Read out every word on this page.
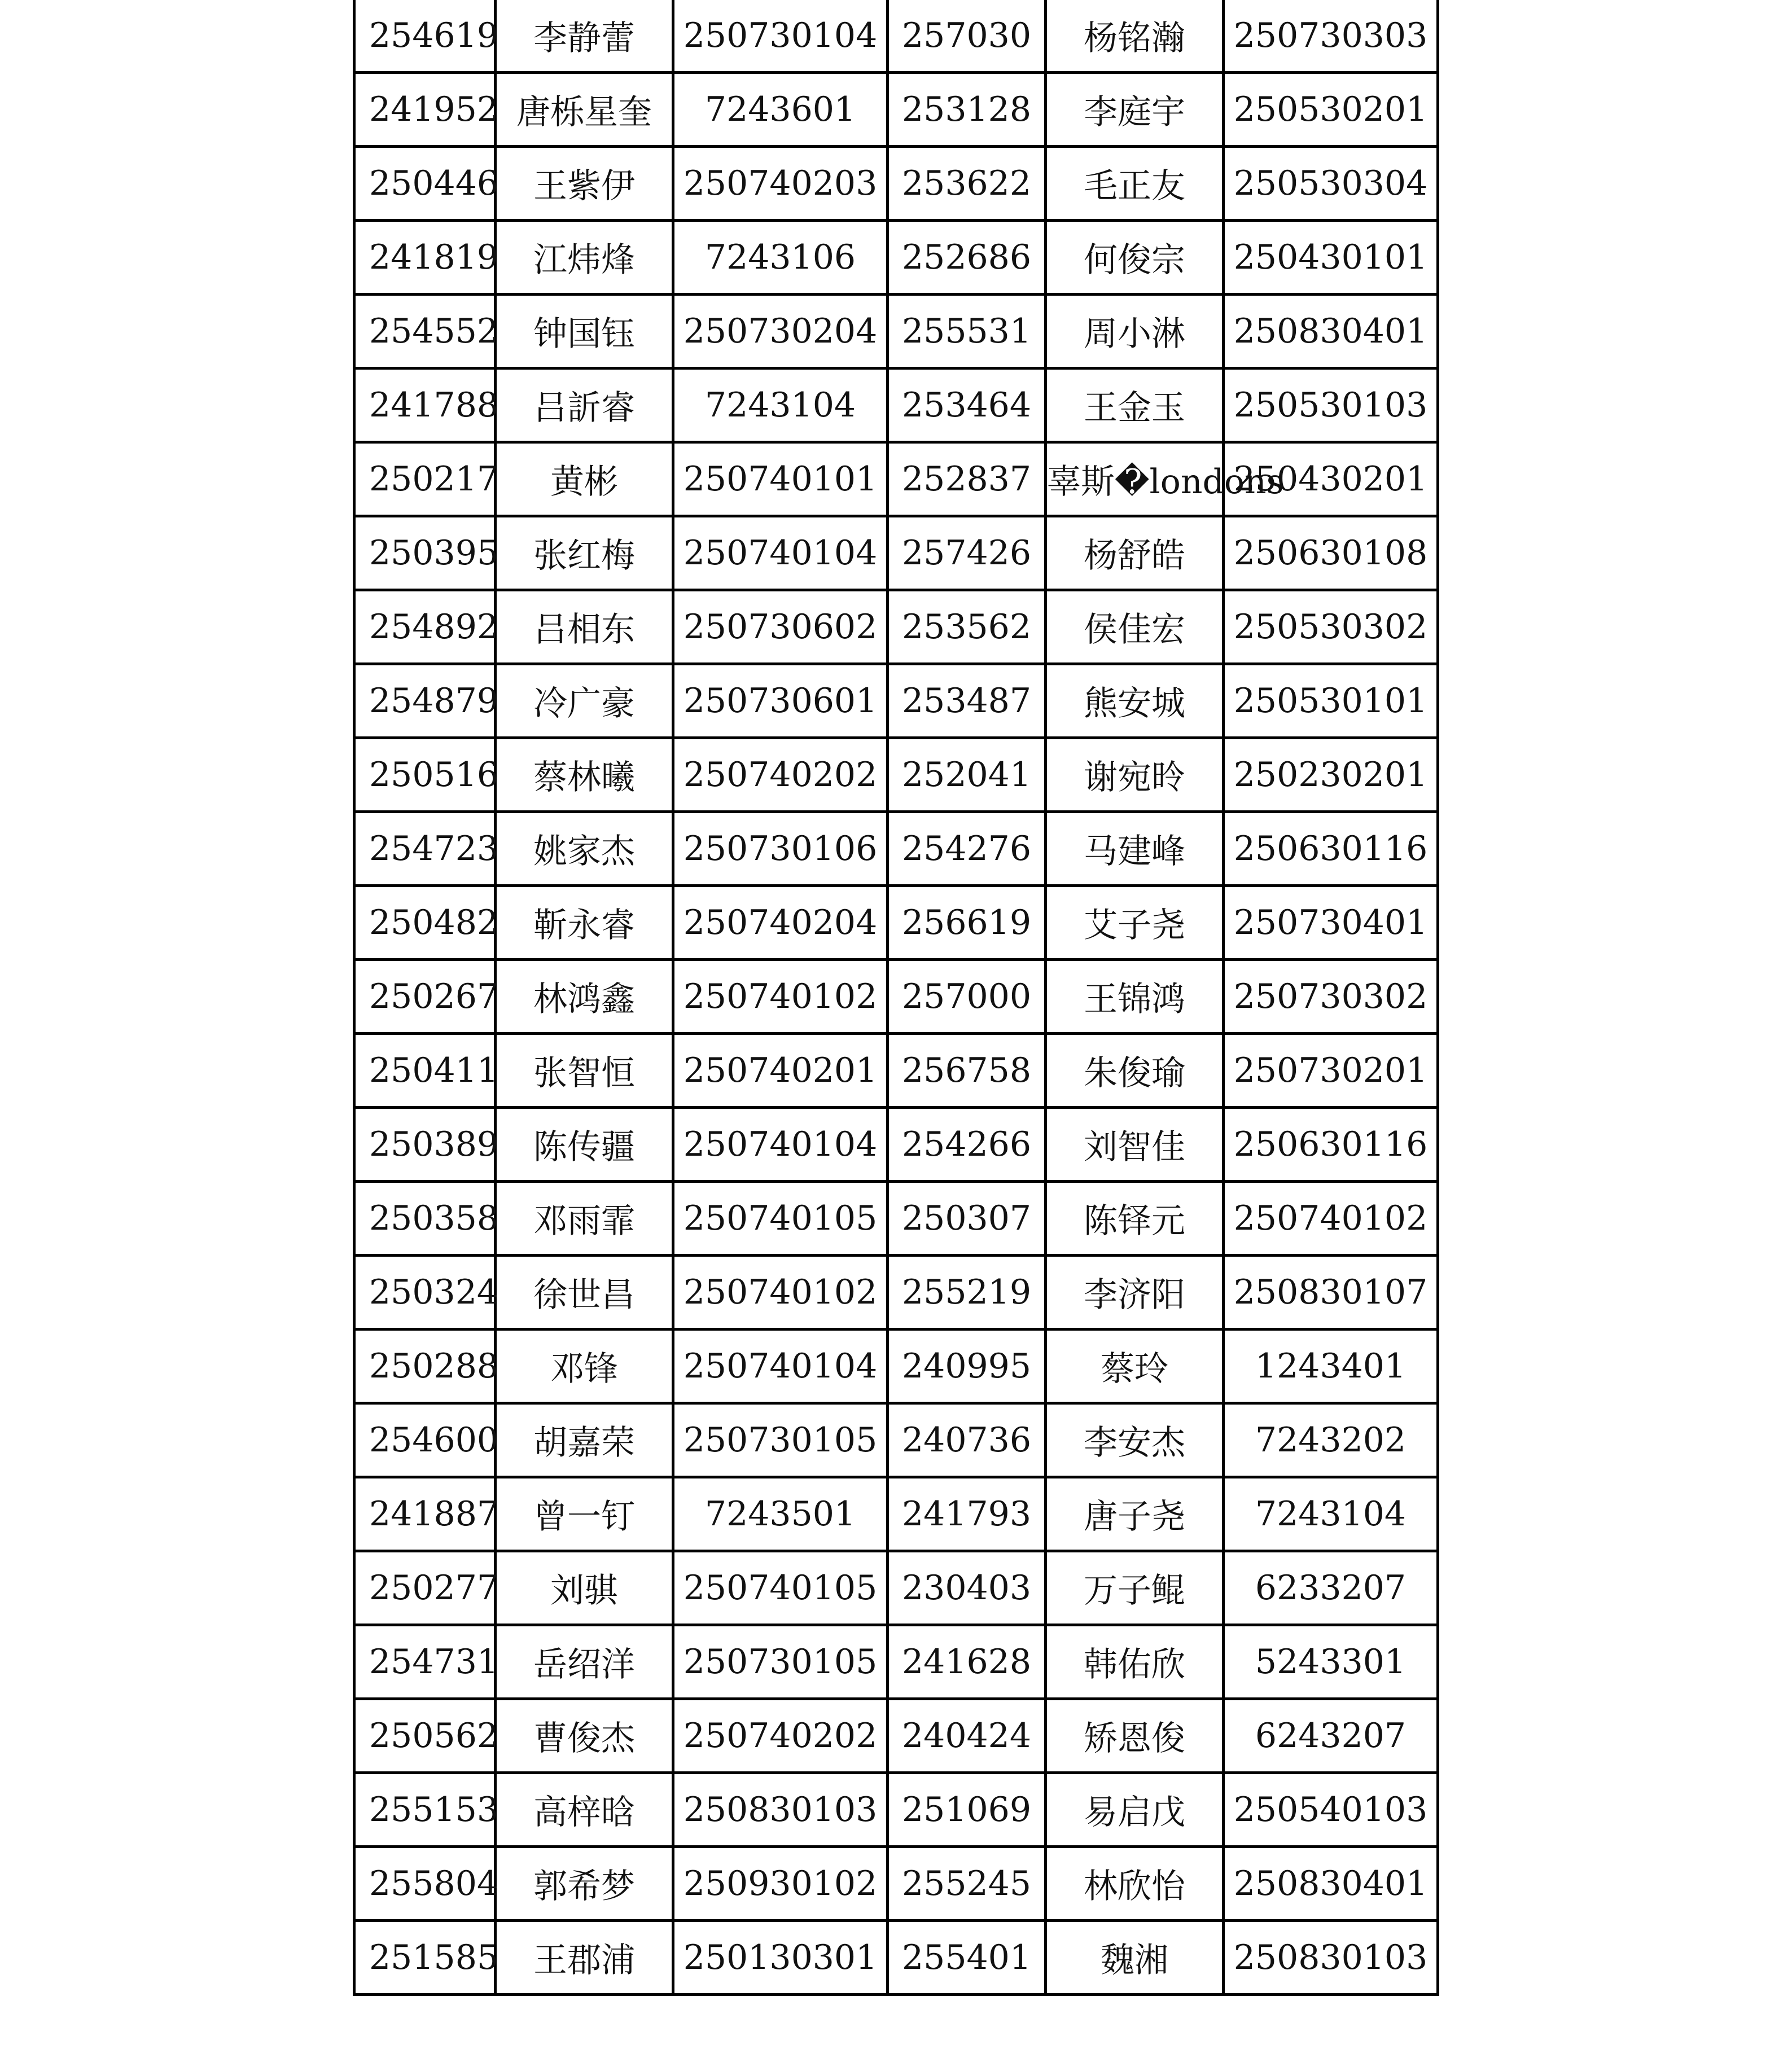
254619	李静蕾	250730104	257030	杨铭瀚	250730303
241952	唐栎星奎	7243601	253128	李庭宇	250530201
250446	王紫伊	250740203	253622	毛正友	250530304
241819	江炜烽	7243106	252686	何俊宗	250430101
254552	钟国钰	250730204	255531	周小淋	250830401
241788	吕訢睿	7243104	253464	王金玉	250530103
250217	黄彬	250740101	252837	辜斯�londons	250430201
250395	张红梅	250740104	257426	杨舒皓	250630108
254892	吕相东	250730602	253562	侯佳宏	250530302
254879	冷广豪	250730601	253487	熊安城	250530101
250516	蔡林曦	250740202	252041	谢宛昤	250230201
254723	姚家杰	250730106	254276	马建峰	250630116
250482	靳永睿	250740204	256619	艾子尧	250730401
250267	林鸿鑫	250740102	257000	王锦鸿	250730302
250411	张智恒	250740201	256758	朱俊瑜	250730201
250389	陈传疆	250740104	254266	刘智佳	250630116
250358	邓雨霏	250740105	250307	陈铎元	250740102
250324	徐世昌	250740102	255219	李济阳	250830107
250288	邓锋	250740104	240995	蔡玲	1243401
254600	胡嘉荣	250730105	240736	李安杰	7243202
241887	曾一钉	7243501	241793	唐子尧	7243104
250277	刘骐	250740105	230403	万子鲲	6233207
254731	岳绍洋	250730105	241628	韩佑欣	5243301
250562	曹俊杰	250740202	240424	矫恩俊	6243207
255153	高梓晗	250830103	251069	易启戊	250540103
255804	郭希梦	250930102	255245	林欣怡	250830401
251585	王郡浦	250130301	255401	魏湘	250830103
